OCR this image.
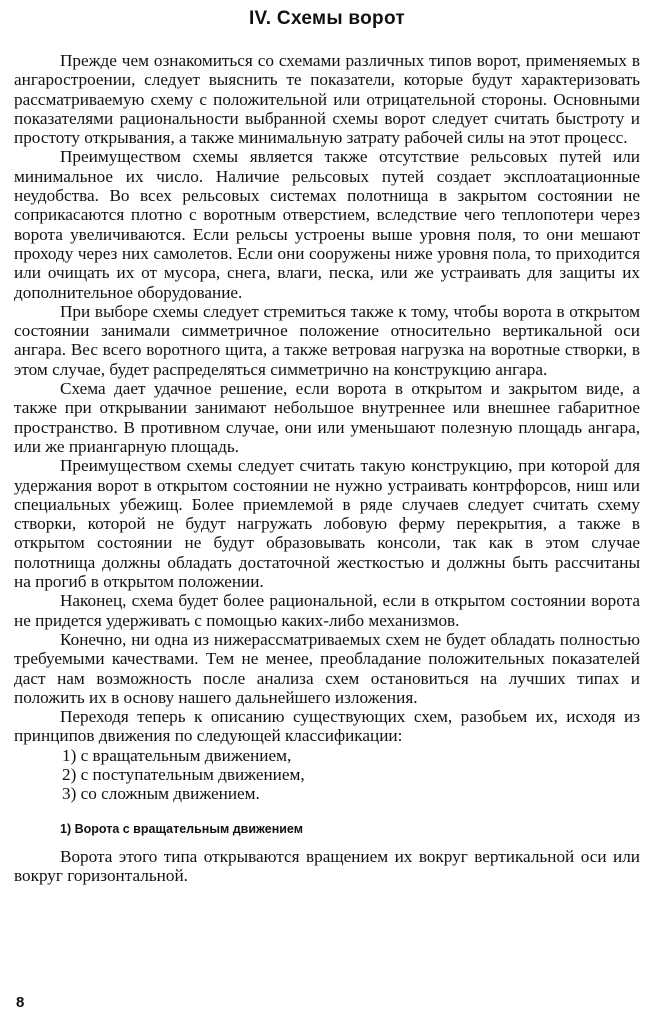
IV. Схемы ворот

Прежде чем ознакомиться со схемами различных типов ворот, применяемых в ангаростроении, следует выяснить те показатели, которые будут характеризовать рассматриваемую схему с положительной или отрицательной стороны. Основными показателями рациональности выбранной схемы ворот следует считать быстроту и простоту открывания, а также минимальную затрату рабочей силы на этот процесс.

Преимуществом схемы является также отсутствие рельсовых путей или минимальное их число. Наличие рельсовых путей создает эксплоатационные неудобства. Во всех рельсовых системах полотнища в закрытом состоянии не соприкасаются плотно с воротным отверстием, вследствие чего теплопотери через ворота увеличиваются. Если рельсы устроены выше уровня поля, то они мешают проходу через них самолетов. Если они сооружены ниже уровня пола, то приходится или очищать их от мусора, снега, влаги, песка, или же устраивать для защиты их дополнительное оборудование.

При выборе схемы следует стремиться также к тому, чтобы ворота в открытом состоянии занимали симметричное положение относительно вертикальной оси ангара. Вес всего воротного щита, а также ветровая нагрузка на воротные створки, в этом случае, будет распределяться симметрично на конструкцию ангара.

Схема дает удачное решение, если ворота в открытом и закрытом виде, а также при открывании занимают небольшое внутреннее или внешнее габаритное пространство. В противном случае, они или уменьшают полезную площадь ангара, или же приангарную площадь.

Преимуществом схемы следует считать такую конструкцию, при которой для удержания ворот в открытом состоянии не нужно устраивать контрфорсов, ниш или специальных убежищ. Более приемлемой в ряде случаев следует считать схему створки, которой не будут нагружать лобовую ферму перекрытия, а также в открытом состоянии не будут образовывать консоли, так как в этом случае полотнища должны обладать достаточной жесткостью и должны быть рассчитаны на прогиб в открытом положении.

Наконец, схема будет более рациональной, если в открытом состоянии ворота не придется удерживать с помощью каких-либо механизмов.

Конечно, ни одна из нижерассматриваемых схем не будет обладать полностью требуемыми качествами. Тем не менее, преобладание положительных показателей даст нам возможность после анализа схем остановиться на лучших типах и положить их в основу нашего дальнейшего изложения.

Переходя теперь к описанию существующих схем, разобьем их, исходя из принципов движения по следующей классификации:

1) с вращательным движением,
2) с поступательным движением,
3) со сложным движением.
1) Ворота с вращательным движением

Ворота этого типа открываются вращением их вокруг вертикальной оси или вокруг горизонтальной.

8
